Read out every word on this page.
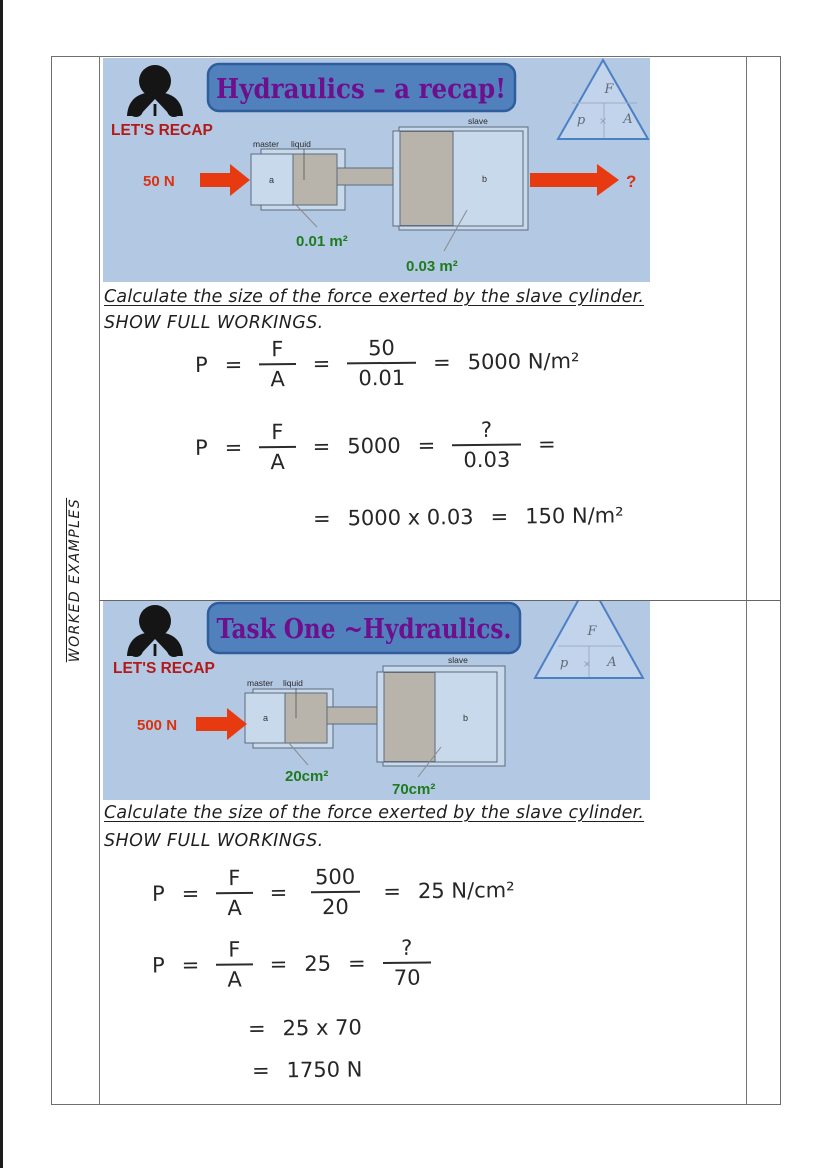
WORKED EXAMPLES
LET'S RECAP
Hydraulics – a recap!	F
p × A
master liquid
slave
a	b
0.01 m²
0.03 m²
50 N	?
Calculate the size of the force exerted by the slave cylinder.
SHOW FULL WORKINGS.
$P = \frac{F}{A} = \frac{50}{0.01} = 5000$ N/m²
$P = \frac{F}{A} = 5000 = \frac{?}{0.03}$ =
= 5000 x 0.03 = 150 N/m²
LET'S RECAP
Task One ~Hydraulics.	F
p × A
master liquid
slave
a	b
20cm²
70cm²
500 N
Calculate the size of the force exerted by the slave cylinder.
SHOW FULL WORKINGS.
$P = \frac{F}{A} = \frac{500}{20} = 25$ N/cm²
$P = \frac{F}{A} = 25 = \frac{?}{70}$
= 25 x 70
= 1750 N
